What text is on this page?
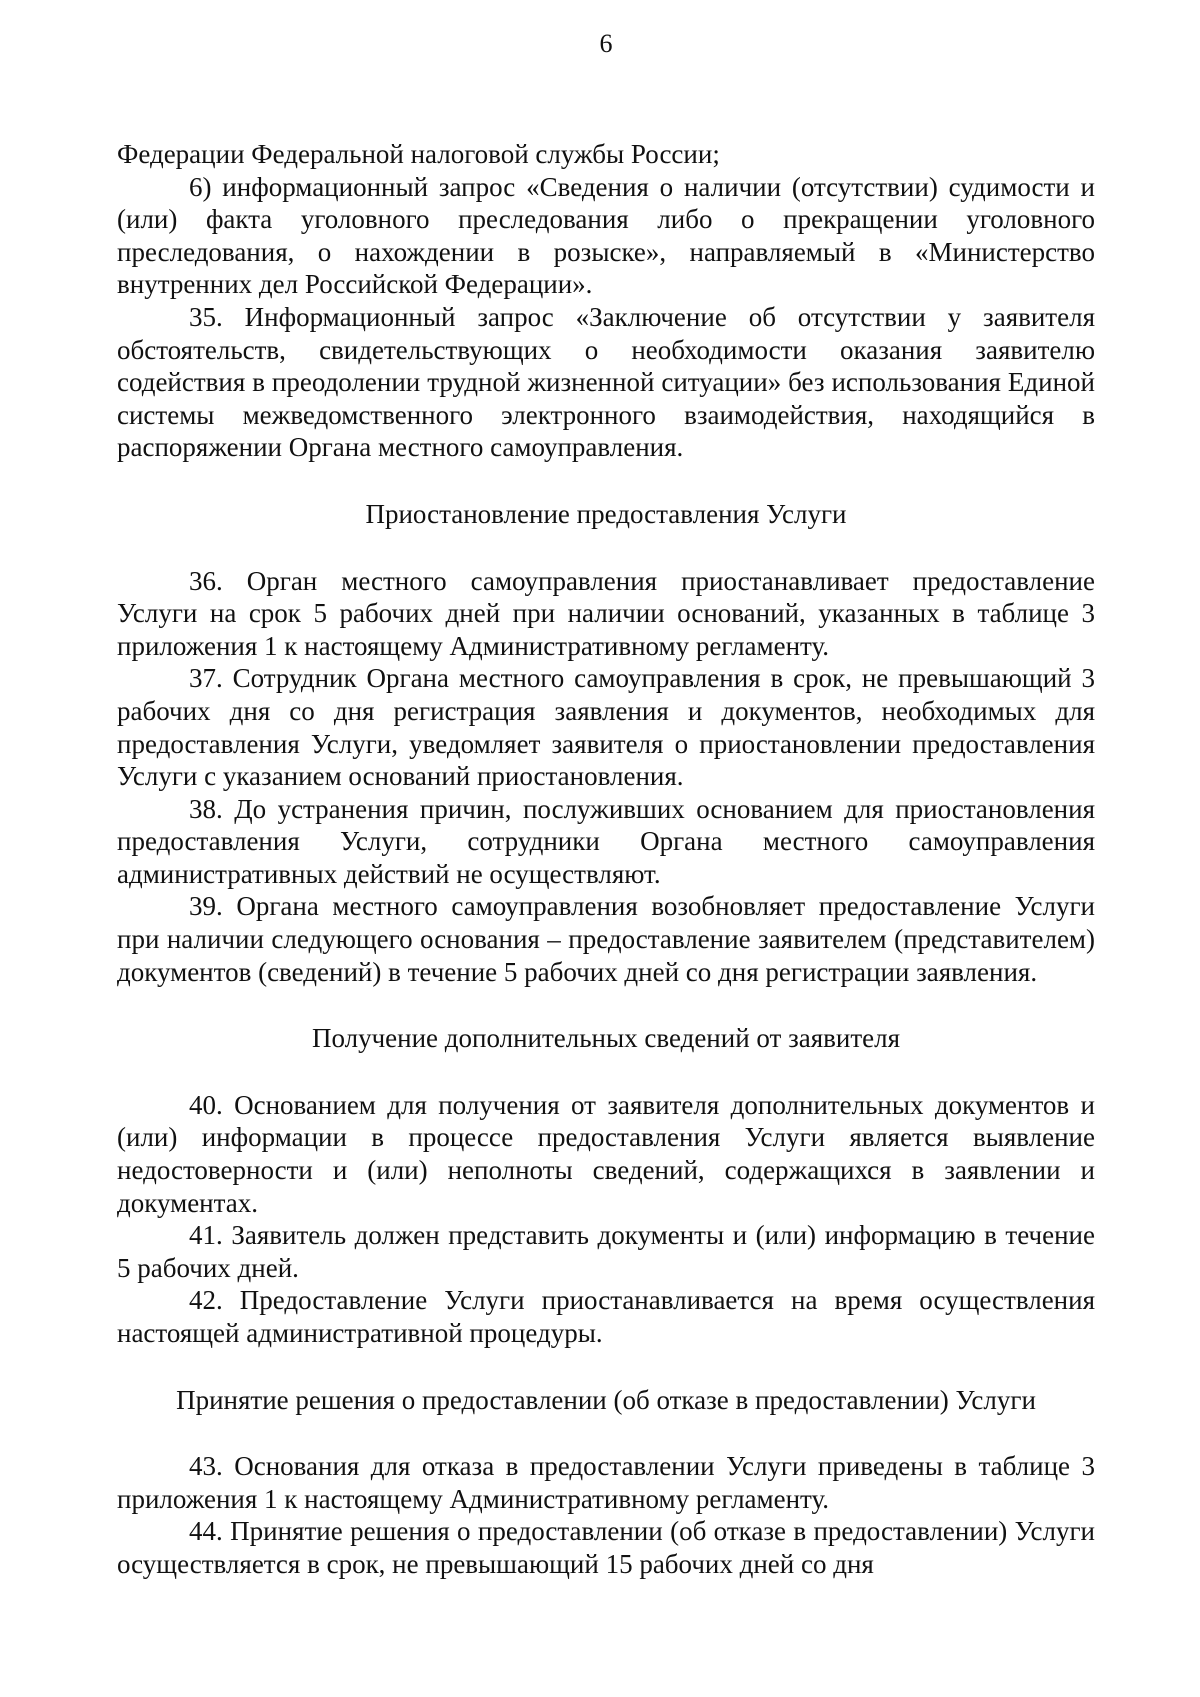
6

Федерации Федеральной налоговой службы России;

6) информационный запрос «Сведения о наличии (отсутствии) судимости и (или) факта уголовного преследования либо о прекращении уголовного преследования, о нахождении в розыске», направляемый в «Министерство внутренних дел Российской Федерации».

35. Информационный запрос «Заключение об отсутствии у заявителя обстоятельств, свидетельствующих о необходимости оказания заявителю содействия в преодолении трудной жизненной ситуации» без использования Единой системы межведомственного электронного взаимодействия, находящийся в распоряжении Органа местного самоуправления.

Приостановление предоставления Услуги

36. Орган местного самоуправления приостанавливает предоставление Услуги на срок 5 рабочих дней при наличии оснований, указанных в таблице 3 приложения 1 к настоящему Административному регламенту.

37. Сотрудник Органа местного самоуправления в срок, не превышающий 3 рабочих дня со дня регистрация заявления и документов, необходимых для предоставления Услуги, уведомляет заявителя о приостановлении предоставления Услуги с указанием оснований приостановления.

38. До устранения причин, послуживших основанием для приостановления предоставления Услуги, сотрудники Органа местного самоуправления административных действий не осуществляют.

39. Органа местного самоуправления возобновляет предоставление Услуги при наличии следующего основания – предоставление заявителем (представителем) документов (сведений) в течение 5 рабочих дней со дня регистрации заявления.

Получение дополнительных сведений от заявителя

40. Основанием для получения от заявителя дополнительных документов и (или) информации в процессе предоставления Услуги является выявление недостоверности и (или) неполноты сведений, содержащихся в заявлении и документах.

41. Заявитель должен представить документы и (или) информацию в течение 5 рабочих дней.

42. Предоставление Услуги приостанавливается на время осуществления настоящей административной процедуры.

Принятие решения о предоставлении (об отказе в предоставлении) Услуги

43. Основания для отказа в предоставлении Услуги приведены в таблице 3 приложения 1 к настоящему Административному регламенту.

44. Принятие решения о предоставлении (об отказе в предоставлении) Услуги осуществляется в срок, не превышающий 15 рабочих дней со дня
